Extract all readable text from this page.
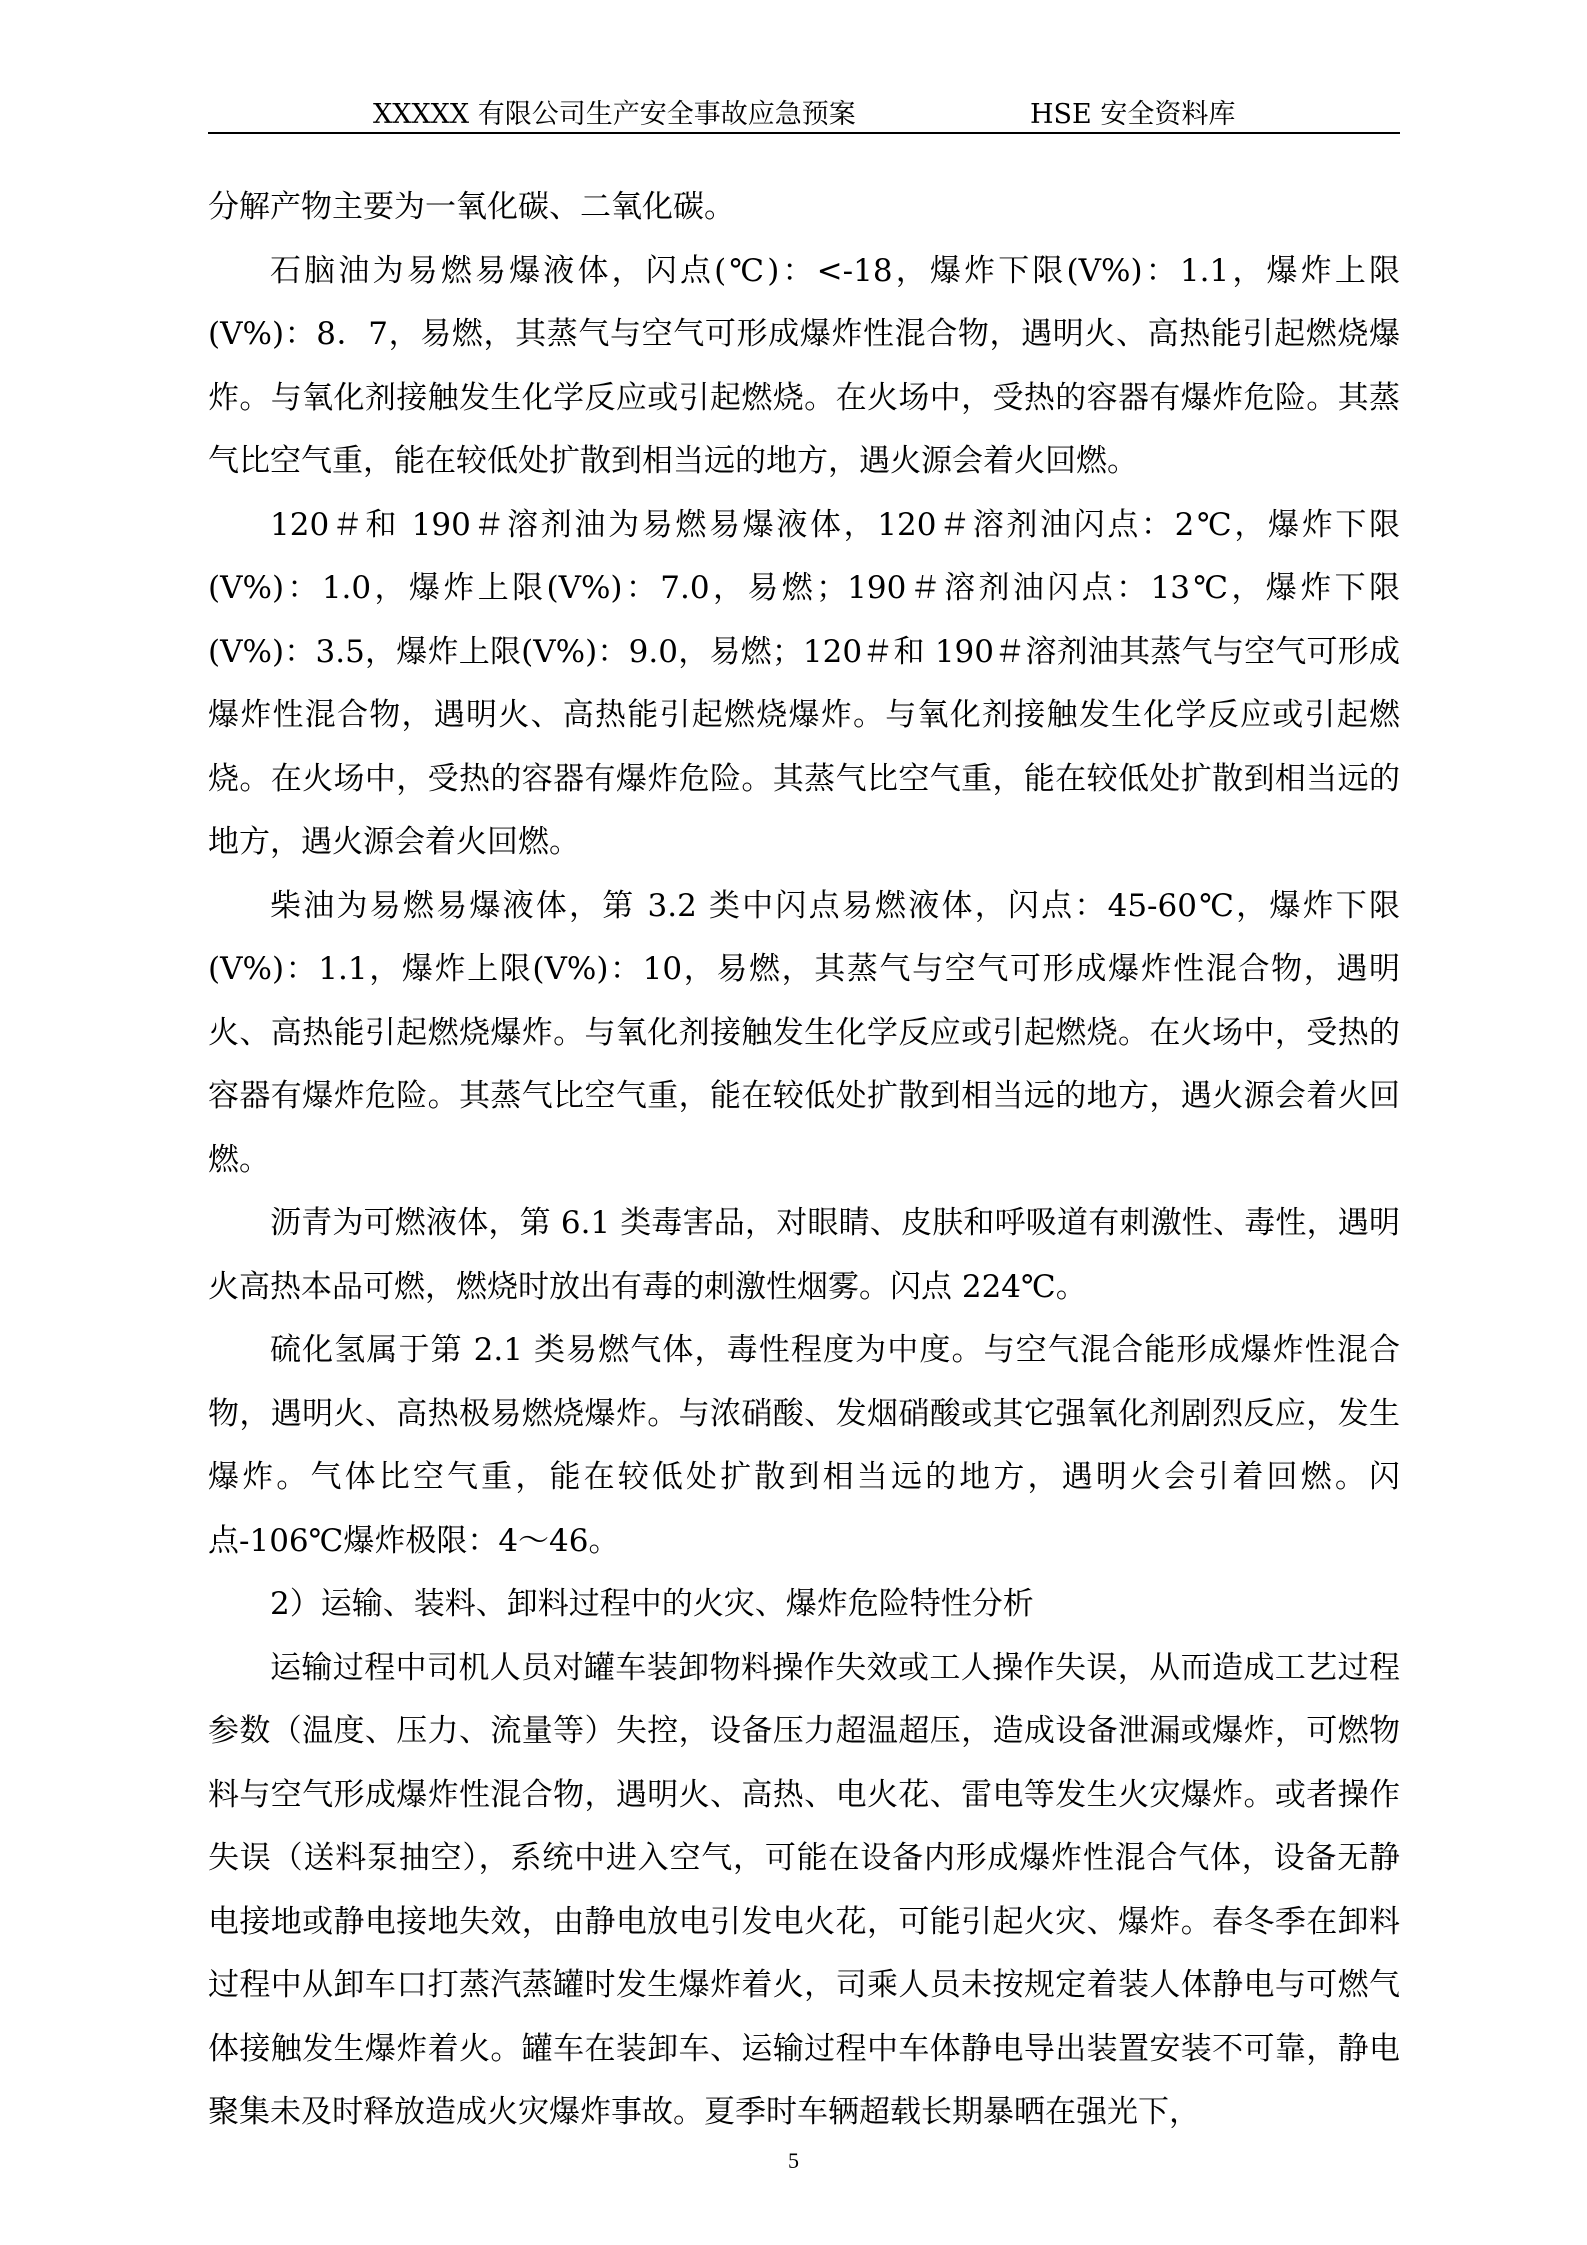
XXXXX 有限公司生产安全事故应急预案	HSE 安全资料库

分解产物主要为一氧化碳、二氧化碳。

石脑油为易燃易爆液体，闪点(℃)：<-18，爆炸下限(V%)：1.1，爆炸上限(V%)：8．7，易燃，其蒸气与空气可形成爆炸性混合物，遇明火、高热能引起燃烧爆炸。与氧化剂接触发生化学反应或引起燃烧。在火场中，受热的容器有爆炸危险。其蒸气比空气重，能在较低处扩散到相当远的地方，遇火源会着火回燃。

120＃和 190＃溶剂油为易燃易爆液体，120＃溶剂油闪点：2℃，爆炸下限(V%)：1.0，爆炸上限(V%)：7.0，易燃；190＃溶剂油闪点：13℃，爆炸下限(V%)：3.5，爆炸上限(V%)：9.0，易燃；120＃和 190＃溶剂油其蒸气与空气可形成爆炸性混合物，遇明火、高热能引起燃烧爆炸。与氧化剂接触发生化学反应或引起燃烧。在火场中，受热的容器有爆炸危险。其蒸气比空气重，能在较低处扩散到相当远的地方，遇火源会着火回燃。

柴油为易燃易爆液体，第 3.2 类中闪点易燃液体，闪点：45-60℃，爆炸下限(V%)：1.1，爆炸上限(V%)：10，易燃，其蒸气与空气可形成爆炸性混合物，遇明火、高热能引起燃烧爆炸。与氧化剂接触发生化学反应或引起燃烧。在火场中，受热的容器有爆炸危险。其蒸气比空气重，能在较低处扩散到相当远的地方，遇火源会着火回燃。

沥青为可燃液体，第 6.1 类毒害品，对眼睛、皮肤和呼吸道有刺激性、毒性，遇明火高热本品可燃，燃烧时放出有毒的刺激性烟雾。闪点 224℃。

硫化氢属于第 2.1 类易燃气体，毒性程度为中度。与空气混合能形成爆炸性混合物，遇明火、高热极易燃烧爆炸。与浓硝酸、发烟硝酸或其它强氧化剂剧烈反应，发生爆炸。气体比空气重，能在较低处扩散到相当远的地方，遇明火会引着回燃。闪点-106℃爆炸极限：4～46。

2）运输、装料、卸料过程中的火灾、爆炸危险特性分析

运输过程中司机人员对罐车装卸物料操作失效或工人操作失误，从而造成工艺过程参数（温度、压力、流量等）失控，设备压力超温超压，造成设备泄漏或爆炸，可燃物料与空气形成爆炸性混合物，遇明火、高热、电火花、雷电等发生火灾爆炸。或者操作失误（送料泵抽空），系统中进入空气，可能在设备内形成爆炸性混合气体，设备无静电接地或静电接地失效，由静电放电引发电火花，可能引起火灾、爆炸。春冬季在卸料过程中从卸车口打蒸汽蒸罐时发生爆炸着火，司乘人员未按规定着装人体静电与可燃气体接触发生爆炸着火。罐车在装卸车、运输过程中车体静电导出装置安装不可靠，静电聚集未及时释放造成火灾爆炸事故。夏季时车辆超载长期暴晒在强光下，

5
